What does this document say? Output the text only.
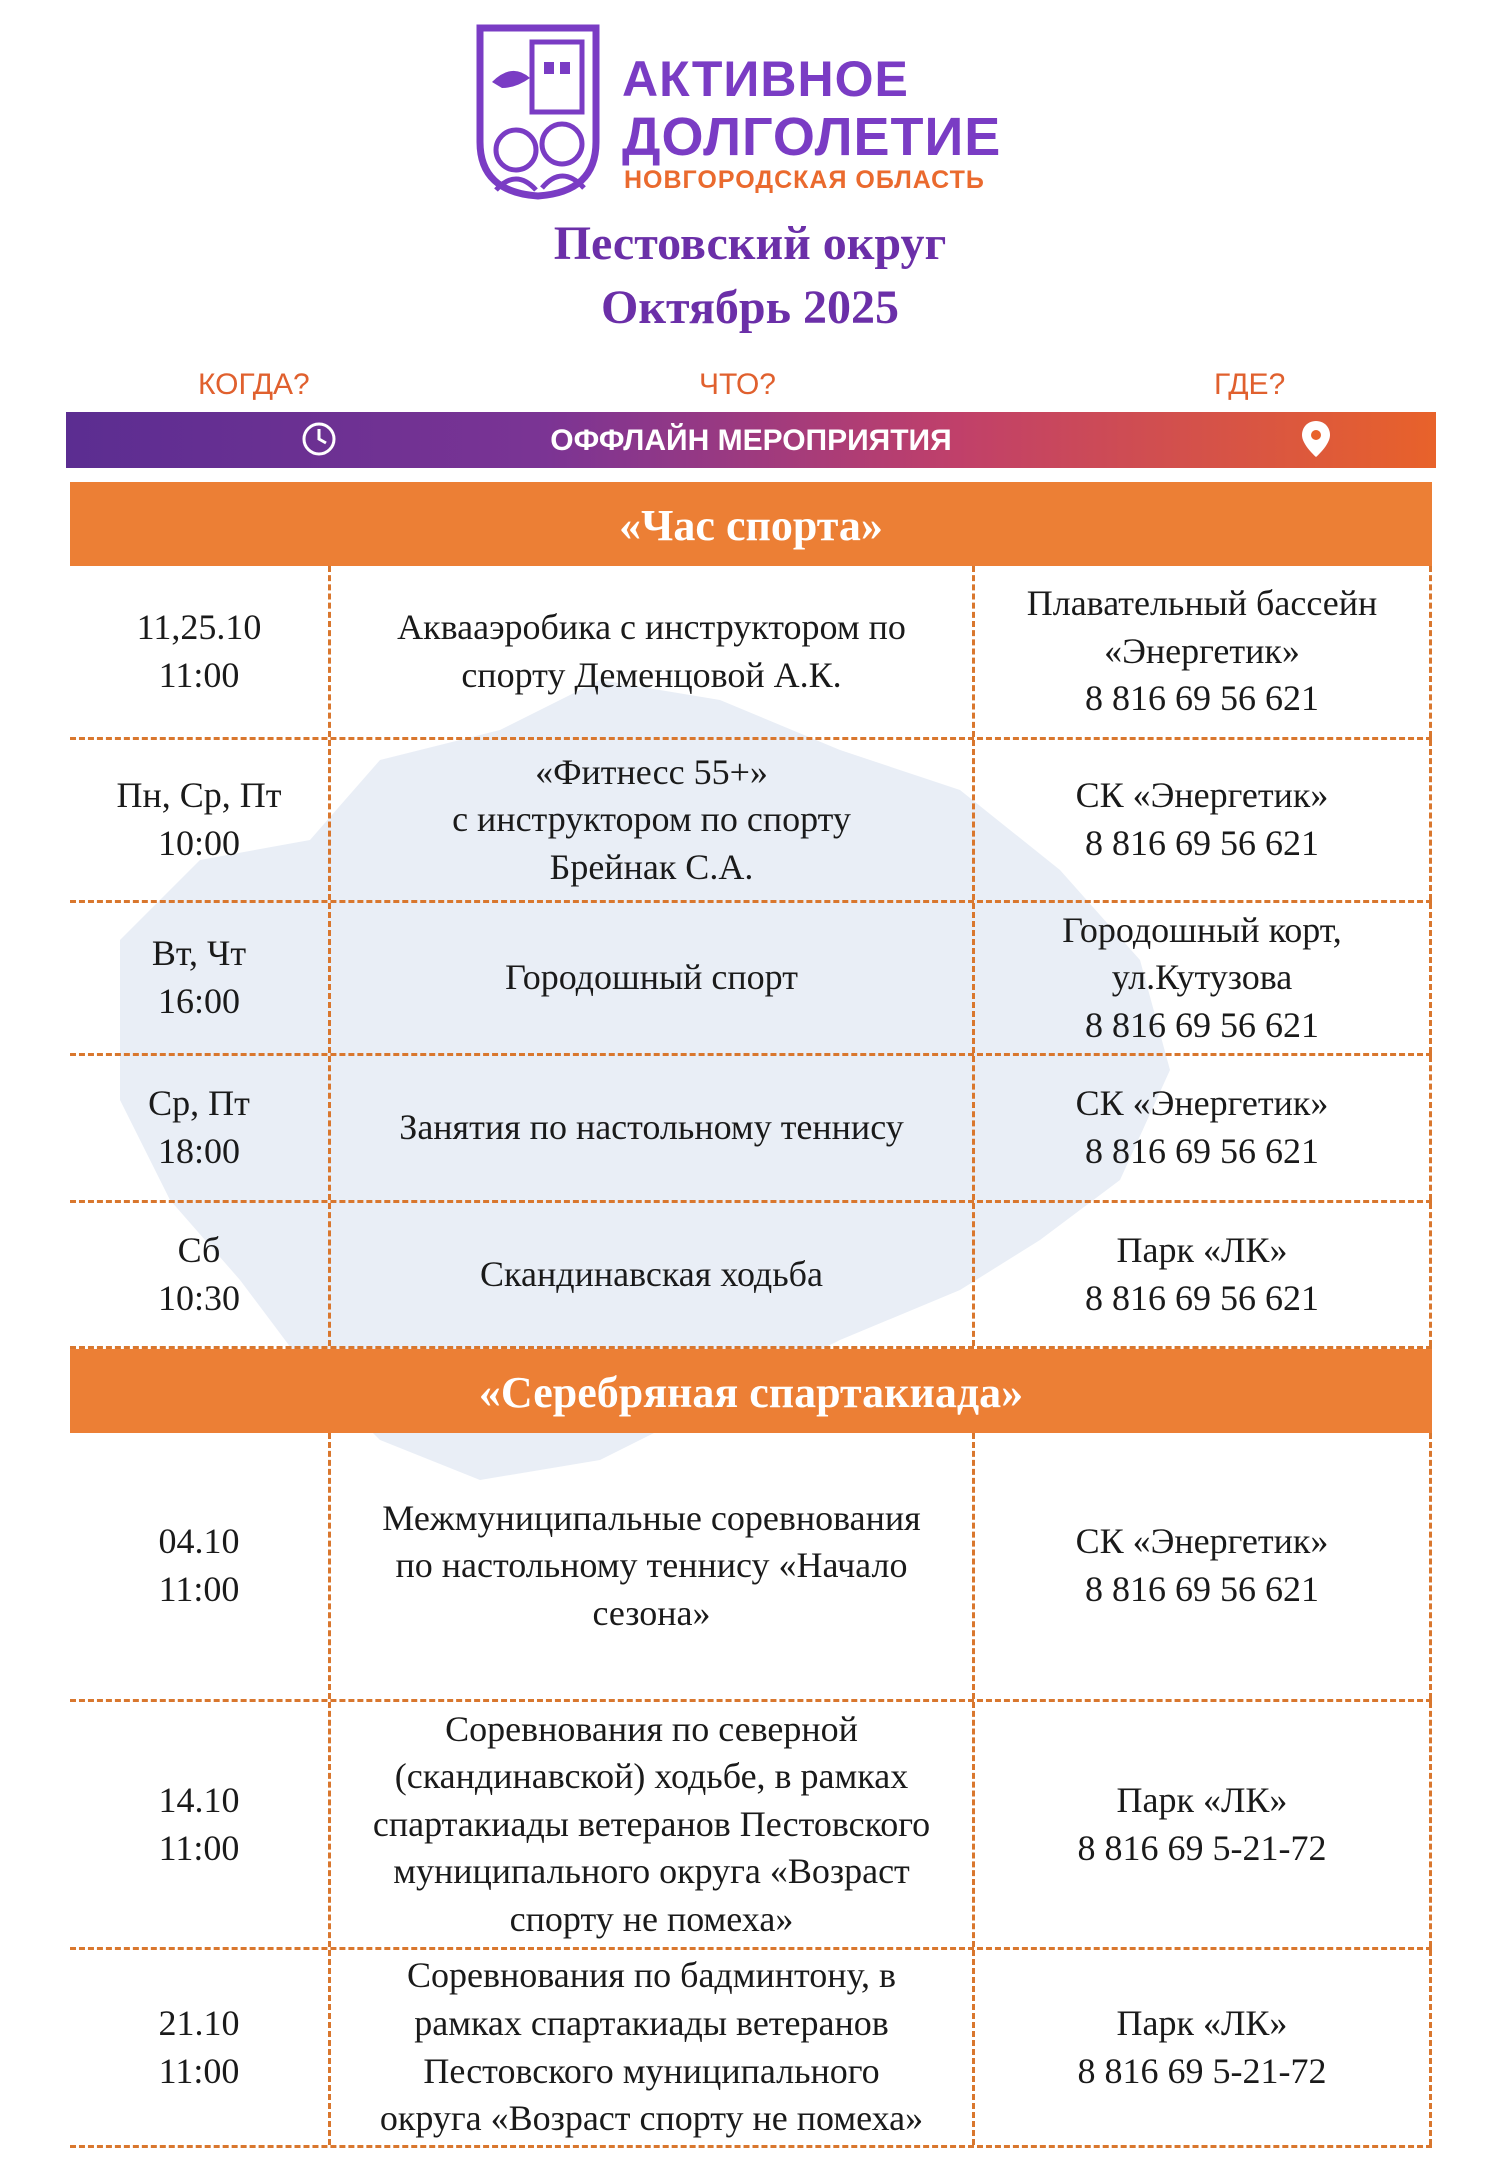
АКТИВНОЕ
ДОЛГОЛЕТИЕ
НОВГОРОДСКАЯ ОБЛАСТЬ
Пестовский округ
Октябрь 2025
КОГДА?	ЧТО?	ГДЕ?
ОФФЛАЙН МЕРОПРИЯТИЯ
«Час спорта»
11,25.10
11:00
Аквааэробика с инструктором по
спорту Деменцовой А.К.
Плавательный бассейн
«Энергетик»
8 816 69 56 621
Пн, Ср, Пт
10:00
«Фитнесс 55+»
с инструктором по спорту
Брейнак С.А.
СК «Энергетик»
8 816 69 56 621
Вт, Чт
16:00
Городошный спорт
Городошный корт,
ул.Кутузова
8 816 69 56 621
Ср, Пт
18:00
Занятия по настольному теннису
СК «Энергетик»
8 816 69 56 621
Сб
10:30
Скандинавская ходьба
Парк «ЛК»
8 816 69 56 621
«Серебряная спартакиада»
04.10
11:00
Межмуниципальные соревнования
по настольному теннису «Начало
сезона»
СК «Энергетик»
8 816 69 56 621
14.10
11:00
Соревнования по северной
(скандинавской) ходьбе, в рамках
спартакиады ветеранов Пестовского
муниципального округа «Возраст
спорту не помеха»
Парк «ЛК»
8 816 69 5-21-72
21.10
11:00
Соревнования по бадминтону, в
рамках спартакиады ветеранов
Пестовского муниципального
округа «Возраст спорту не помеха»
Парк «ЛК»
8 816 69 5-21-72
